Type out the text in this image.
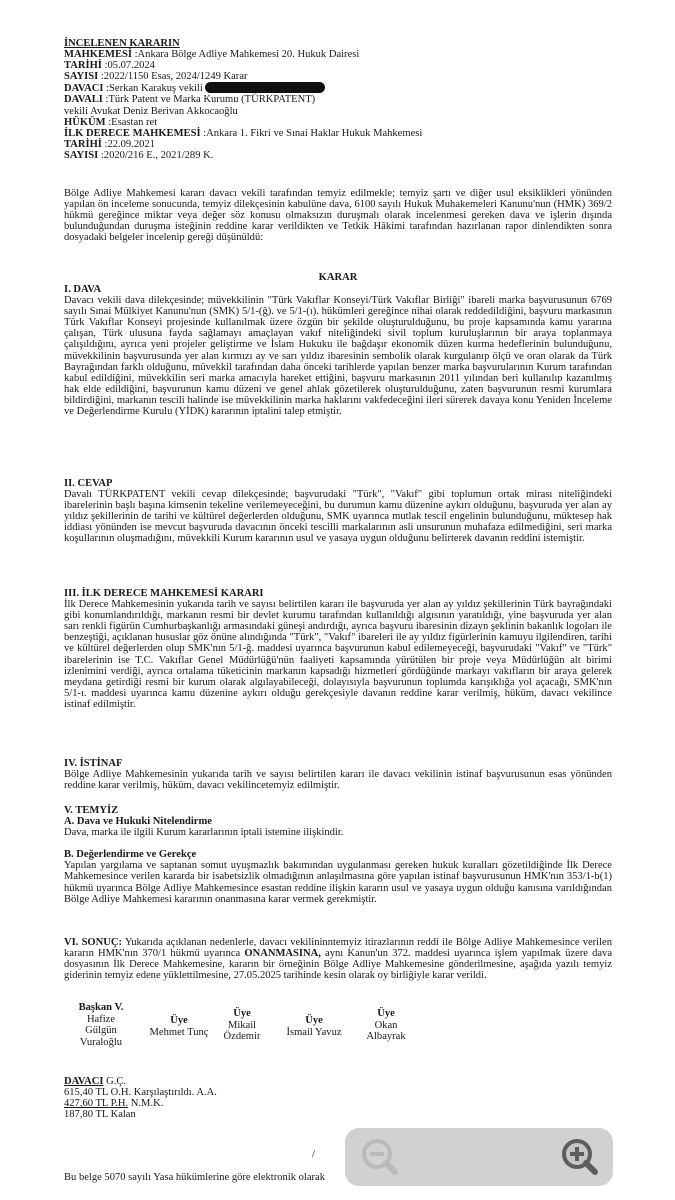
İNCELENEN KARARIN
MAHKEMESİ :Ankara Bölge Adliye Mahkemesi 20. Hukuk Dairesi
TARİHİ :05.07.2024
SAYISI :2022/1150 Esas, 2024/1249 Karar
DAVACI :Serkan Karakuş vekili
DAVALI :Türk Patent ve Marka Kurumu (TÜRKPATENT)
vekili Avukat Deniz Berivan Akkocaoğlu
HÜKÜM :Esastan ret
İLK DERECE MAHKEMESİ :Ankara 1. Fikri ve Sınai Haklar Hukuk Mahkemesi
TARİHİ :22.09.2021
SAYISI :2020/216 E., 2021/289 K.

Bölge Adliye Mahkemesi kararı davacı vekili tarafından temyiz edilmekle; temyiz şartı ve diğer usul eksiklikleri yönünden yapılan ön inceleme sonucunda, temyiz dilekçesinin kabulüne dava, 6100 sayılı Hukuk Muhakemeleri Kanunu'nun (HMK) 369/2 hükmü gereğince miktar veya değer söz konusu olmaksızın duruşmalı olarak incelenmesi gereken dava ve işlerin dışında bulunduğundan duruşma isteğinin reddine karar verildikten ve Tetkik Hâkimi tarafından hazırlanan rapor dinlendikten sonra dosyadaki belgeler incelenip gereği düşünüldü:

KARAR
I. DAVA

Davacı vekili dava dilekçesinde; müvekkilinin "Türk Vakıflar Konseyi/Türk Vakıflar Birliği" ibareli marka başvurusunun 6769 sayılı Sınai Mülkiyet Kanunu'nun (SMK) 5/1-(ğ). ve 5/1-(ı). hükümleri gereğince nihai olarak reddedildiğini, başvuru markasının Türk Vakıflar Konseyi projesinde kullanılmak üzere özgün bir şekilde oluşturulduğunu, bu proje kapsamında kamu yararına çalışan, Türk ulusuna fayda sağlamayı amaçlayan vakıf niteliğindeki sivil toplum kuruluşlarının bir araya toplanmaya çalışıldığını, ayrıca yeni projeler geliştirme ve İslam Hukuku ile bağdaşır ekonomik düzen kurma hedeflerinin bulunduğunu, müvekkilinin başvurusunda yer alan kırmızı ay ve sarı yıldız ibaresinin sembolik olarak kurgulanıp ölçü ve oran olarak da Türk Bayrağından farklı olduğunu, müvekkil tarafından daha önceki tarihlerde yapılan benzer marka başvurularının Kurum tarafından kabul edildiğini, müvekkilin seri marka amacıyla hareket ettiğini, başvuru markasının 2011 yılından beri kullanılıp kazanılmış hak elde edildiğini, başvurunun kamu düzeni ve genel ahlak gözetilerek oluşturulduğunu, zaten başvurunun resmi kurumlara bildirdiğini, markanın tescili halinde ise müvekkilinin marka haklarını vakfedeceğini ileri sürerek davaya konu Yeniden İnceleme ve Değerlendirme Kurulu (YİDK) kararının iptalini talep etmiştir.

II. CEVAP

Davalı TÜRKPATENT vekili cevap dilekçesinde; başvurudaki "Türk", "Vakıf" gibi toplumun ortak mirası niteliğindeki ibarelerinin başlı başına kimsenin tekeline verilemeyeceğini, bu durumun kamu düzenine aykırı olduğunu, başvuruda yer alan ay yıldız şekillerinin de tarihi ve kültürel değerlerden olduğunu, SMK uyarınca mutlak tescil engelinin bulunduğunu, müktesep hak iddiası yönünden ise mevcut başvuruda davacının önceki tescilli markalarının asli unsurunun muhafaza edilmediğini, seri marka koşullarının oluşmadığını, müvekkili Kurum kararının usul ve yasaya uygun olduğunu belirterek davanın reddini istemiştir.

III. İLK DERECE MAHKEMESİ KARARI

İlk Derece Mahkemesinin yukarıda tarih ve sayısı belirtilen kararı ile başvuruda yer alan ay yıldız şekillerinin Türk bayrağındaki gibi konumlandırıldığı, markanın resmi bir devlet kurumu tarafından kullanıldığı algısının yaratıldığı, yine başvuruda yer alan sarı renkli figürün Cumhurbaşkanlığı armasındaki güneşi andırdığı, ayrıca başvuru ibaresinin dizayn şeklinin bakanlık logoları ile benzeştiği, açıklanan hususlar göz önüne alındığında "Türk", "Vakıf" ibareleri ile ay yıldız figürlerinin kamuyu ilgilendiren, tarihi ve kültürel değerlerden olup SMK'nın 5/1-ğ. maddesi uyarınca başvurunun kabul edilemeyeceği, başvurudaki "Vakıf" ve "Türk" ibarelerinin ise T.C. Vakıflar Genel Müdürlüğü'nün faaliyeti kapsamında yürütülen bir proje veya Müdürlüğün alt birimi izlenimini verdiği, ayrıca ortalama tüketicinin markanın kapsadığı hizmetleri gördüğünde markayı vakıfların bir araya gelerek meydana getirdiği resmi bir kurum olarak algılayabileceği, dolayısıyla başvurunun toplumda karışıklığa yol açacağı, SMK'nın 5/1-ı. maddesi uyarınca kamu düzenine aykırı olduğu gerekçesiyle davanın reddine karar verilmiş, hüküm, davacı vekilince istinaf edilmiştir.

IV. İSTİNAF

Bölge Adliye Mahkemesinin yukarıda tarih ve sayısı belirtilen kararı ile davacı vekilinin istinaf başvurusunun esas yönünden reddine karar verilmiş, hüküm, davacı vekilincetemyiz edilmiştir.

V. TEMYİZ
A. Dava ve Hukuki Nitelendirme

Dava, marka ile ilgili Kurum kararlarının iptali istemine ilişkindir.

B. Değerlendirme ve Gerekçe

Yapılan yargılama ve saptanan somut uyuşmazlık bakımından uygulanması gereken hukuk kuralları gözetildiğinde İlk Derece Mahkemesince verilen kararda bir isabetsizlik olmadığının anlaşılmasına göre yapılan istinaf başvurusunun HMK'nın 353/1-b(1) hükmü uyarınca Bölge Adliye Mahkemesince esastan reddine ilişkin kararın usul ve yasaya uygun olduğu kanısına varıldığından Bölge Adliye Mahkemesi kararının onanmasına karar vermek gerekmiştir.

VI. SONUÇ: Yukarıda açıklanan nedenlerle, davacı vekilininntemyiz itirazlarının reddi ile Bölge Adliye Mahkemesince verilen kararın HMK'nın 370/1 hükmü uyarınca ONANMASINA, aynı Kanun'un 372. maddesi uyarınca işlem yapılmak üzere dava dosyasının İlk Derece Mahkemesine, kararın bir örneğinin Bölge Adliye Mahkemesine gönderilmesine, aşağıda yazılı temyiz giderinin temyiz edene yüklettilmesine, 27.05.2025 tarihinde kesin olarak oy birliğiyle karar verildi.

Başkan V.
Hafize Gülgün Vuraloğlu
Üye
Mehmet Tunç
Üye
Mikail Özdemir
Üye
İsmail Yavuz
Üye
Okan Albayrak
DAVACI G.Ç.
615,40 TL O.H. Karşılaştırıldı. A.A.
427,60 TL P.H. N.M.K.
187,80 TL Kalan
/
Bu belge 5070 sayılı Yasa hükümlerine göre elektronik olarak
